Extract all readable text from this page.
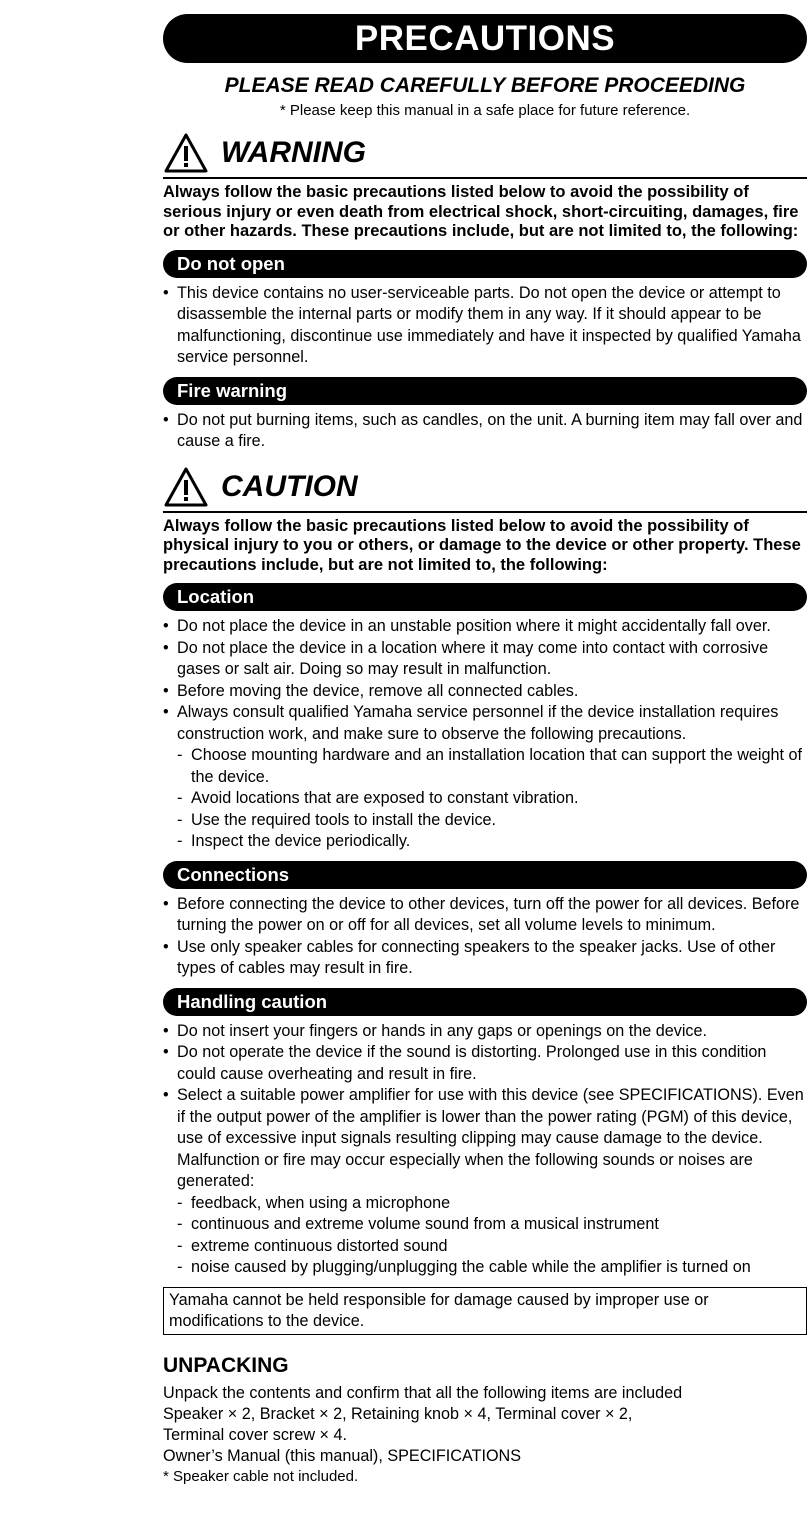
PRECAUTIONS
PLEASE READ CAREFULLY BEFORE PROCEEDING
* Please keep this manual in a safe place for future reference.
WARNING
Always follow the basic precautions listed below to avoid the possibility of serious injury or even death from electrical shock, short-circuiting, damages, fire or other hazards. These precautions include, but are not limited to, the following:
Do not open
• This device contains no user-serviceable parts. Do not open the device or attempt to disassemble the internal parts or modify them in any way. If it should appear to be malfunctioning, discontinue use immediately and have it inspected by qualified Yamaha service personnel.
Fire warning
• Do not put burning items, such as candles, on the unit. A burning item may fall over and cause a fire.
CAUTION
Always follow the basic precautions listed below to avoid the possibility of physical injury to you or others, or damage to the device or other property. These precautions include, but are not limited to, the following:
Location
• Do not place the device in an unstable position where it might accidentally fall over.
• Do not place the device in a location where it may come into contact with corrosive gases or salt air. Doing so may result in malfunction.
• Before moving the device, remove all connected cables.
• Always consult qualified Yamaha service personnel if the device installation requires construction work, and make sure to observe the following precautions.
- Choose mounting hardware and an installation location that can support the weight of the device.
- Avoid locations that are exposed to constant vibration.
- Use the required tools to install the device.
- Inspect the device periodically.
Connections
• Before connecting the device to other devices, turn off the power for all devices. Before turning the power on or off for all devices, set all volume levels to minimum.
• Use only speaker cables for connecting speakers to the speaker jacks. Use of other types of cables may result in fire.
Handling caution
• Do not insert your fingers or hands in any gaps or openings on the device.
• Do not operate the device if the sound is distorting. Prolonged use in this condition could cause overheating and result in fire.
• Select a suitable power amplifier for use with this device (see SPECIFICATIONS). Even if the output power of the amplifier is lower than the power rating (PGM) of this device, use of excessive input signals resulting clipping may cause damage to the device.
Malfunction or fire may occur especially when the following sounds or noises are generated:
- feedback, when using a microphone
- continuous and extreme volume sound from a musical instrument
- extreme continuous distorted sound
- noise caused by plugging/unplugging the cable while the amplifier is turned on
Yamaha cannot be held responsible for damage caused by improper use or modifications to the device.
UNPACKING
Unpack the contents and confirm that all the following items are included
Speaker × 2, Bracket × 2, Retaining knob × 4, Terminal cover × 2,
Terminal cover screw × 4.
Owner’s Manual (this manual), SPECIFICATIONS
* Speaker cable not included.
